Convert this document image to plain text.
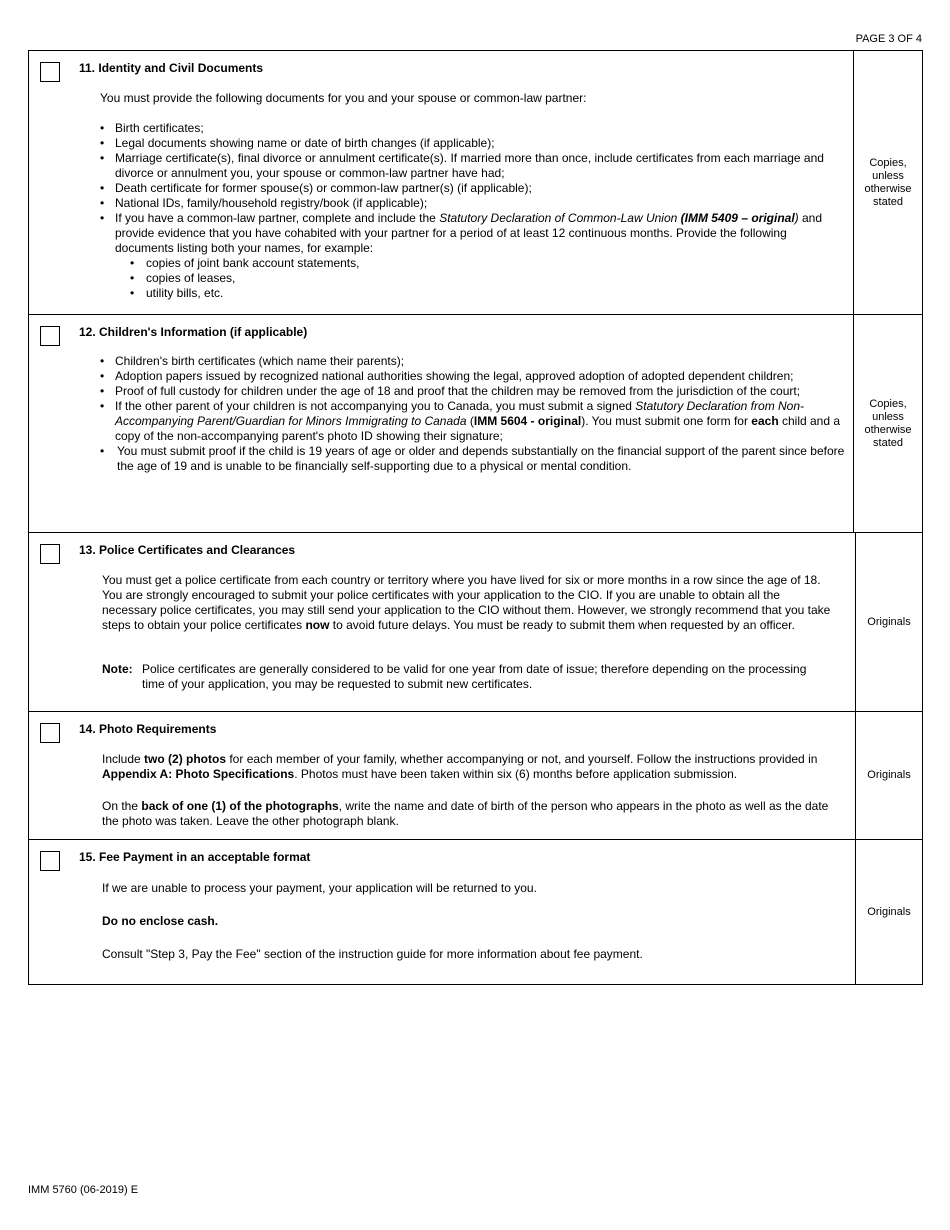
PAGE 3 OF 4
11. Identity and Civil Documents
You must provide the following documents for you and your spouse or common-law partner:
• Birth certificates;
• Legal documents showing name or date of birth changes (if applicable);
• Marriage certificate(s), final divorce or annulment certificate(s). If married more than once, include certificates from each marriage and divorce or annulment you, your spouse or common-law partner have had;
• Death certificate for former spouse(s) or common-law partner(s) (if applicable);
• National IDs, family/household registry/book (if applicable);
• If you have a common-law partner, complete and include the Statutory Declaration of Common-Law Union (IMM 5409 – original) and provide evidence that you have cohabited with your partner for a period of at least 12 continuous months. Provide the following documents listing both your names, for example:
• copies of joint bank account statements,
• copies of leases,
• utility bills, etc.
Copies, unless otherwise stated
12. Children's Information (if applicable)
• Children's birth certificates (which name their parents);
• Adoption papers issued by recognized national authorities showing the legal, approved adoption of adopted dependent children;
• Proof of full custody for children under the age of 18 and proof that the children may be removed from the jurisdiction of the court;
• If the other parent of your children is not accompanying you to Canada, you must submit a signed Statutory Declaration from Non-Accompanying Parent/Guardian for Minors Immigrating to Canada (IMM 5604 - original). You must submit one form for each child and a copy of the non-accompanying parent's photo ID showing their signature;
• You must submit proof if the child is 19 years of age or older and depends substantially on the financial support of the parent since before the age of 19 and is unable to be financially self-supporting due to a physical or mental condition.
Copies, unless otherwise stated
13. Police Certificates and Clearances
You must get a police certificate from each country or territory where you have lived for six or more months in a row since the age of 18. You are strongly encouraged to submit your police certificates with your application to the CIO. If you are unable to obtain all the necessary police certificates, you may still send your application to the CIO without them. However, we strongly recommend that you take steps to obtain your police certificates now to avoid future delays. You must be ready to submit them when requested by an officer.
Note: Police certificates are generally considered to be valid for one year from date of issue; therefore depending on the processing
time of your application, you may be requested to submit new certificates.
Originals
14. Photo Requirements
Include two (2) photos for each member of your family, whether accompanying or not, and yourself. Follow the instructions provided in Appendix A: Photo Specifications. Photos must have been taken within six (6) months before application submission.
On the back of one (1) of the photographs, write the name and date of birth of the person who appears in the photo as well as the date the photo was taken. Leave the other photograph blank.
Originals
15. Fee Payment in an acceptable format
If we are unable to process your payment, your application will be returned to you.
Do no enclose cash.
Consult "Step 3, Pay the Fee" section of the instruction guide for more information about fee payment.
Originals
IMM 5760 (06-2019) E
